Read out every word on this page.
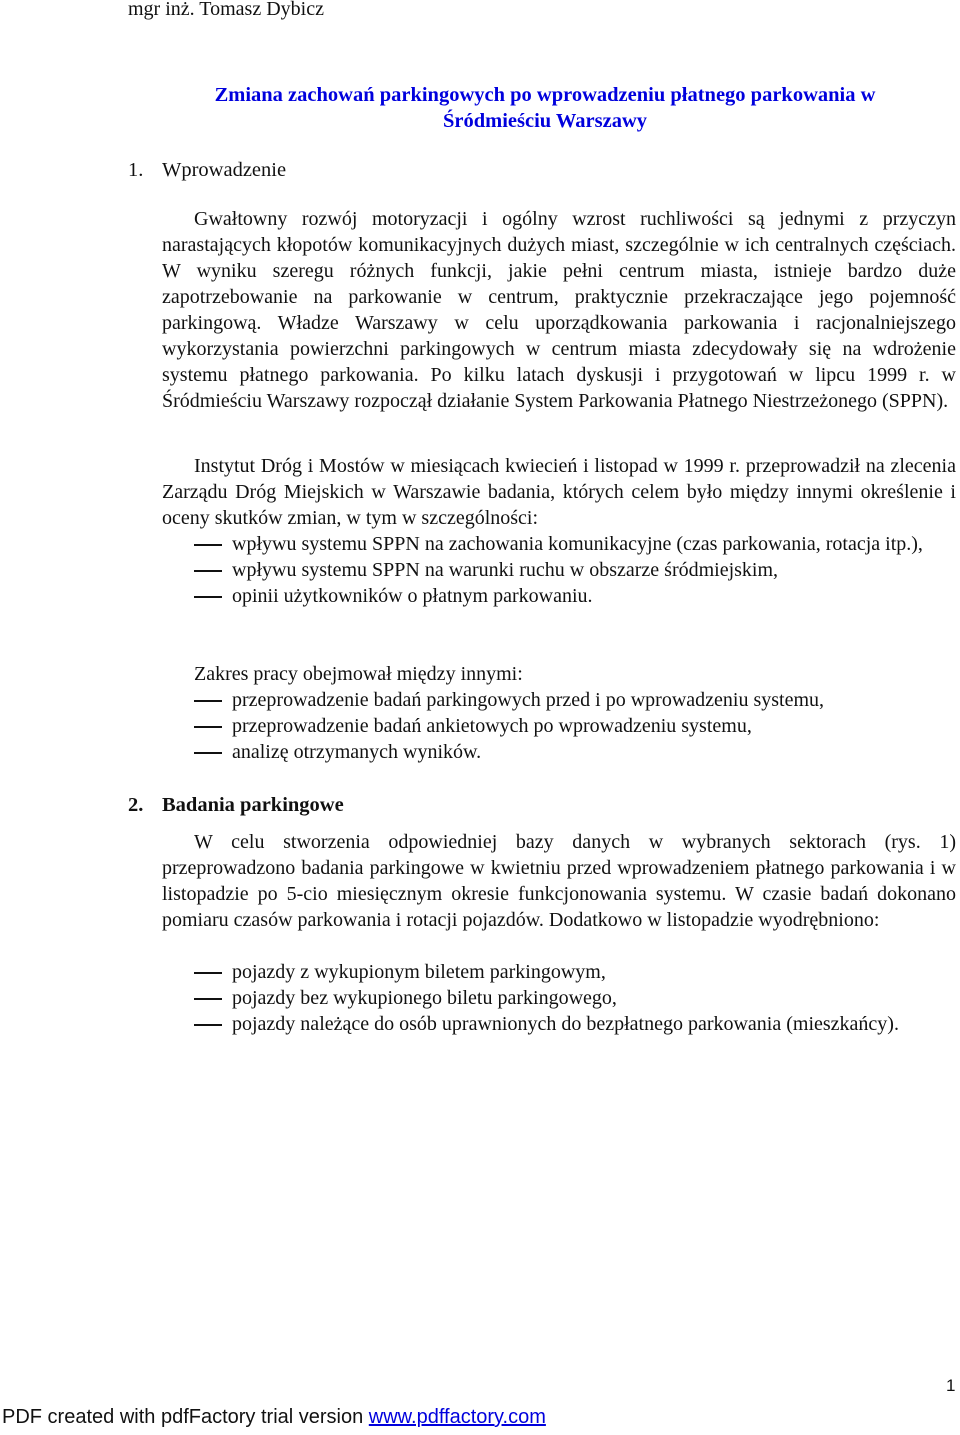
mgr inż. Tomasz Dybicz
Zmiana zachowań parkingowych po wprowadzeniu płatnego parkowania w
Śródmieściu Warszawy
1. Wprowadzenie

Gwałtowny rozwój motoryzacji i ogólny wzrost ruchliwości są jednymi z przyczyn narastających kłopotów komunikacyjnych dużych miast, szczególnie w ich centralnych częściach. W wyniku szeregu różnych funkcji, jakie pełni centrum miasta, istnieje bardzo duże zapotrzebowanie na parkowanie w centrum, praktycznie przekraczające jego pojemność parkingową. Władze Warszawy w celu uporządkowania parkowania i racjonalniejszego wykorzystania powierzchni parkingowych w centrum miasta zdecydowały się na wdrożenie systemu płatnego parkowania. Po kilku latach dyskusji i przygotowań w lipcu 1999 r. w Śródmieściu Warszawy rozpoczął działanie System Parkowania Płatnego Niestrzeżonego (SPPN).

Instytut Dróg i Mostów w miesiącach kwiecień i listopad w 1999 r. przeprowadził na zlecenia Zarządu Dróg Miejskich w Warszawie badania, których celem było między innymi określenie i oceny skutków zmian, w tym w szczególności:

wpływu systemu SPPN na zachowania komunikacyjne (czas parkowania, rotacja itp.),
wpływu systemu SPPN na warunki ruchu w obszarze śródmiejskim,
opinii użytkowników o płatnym parkowaniu.

Zakres pracy obejmował między innymi:

przeprowadzenie badań parkingowych przed i po wprowadzeniu systemu,
przeprowadzenie badań ankietowych po wprowadzeniu systemu,
analizę otrzymanych wyników.
2. Badania parkingowe

W celu stworzenia odpowiedniej bazy danych w wybranych sektorach (rys. 1) przeprowadzono badania parkingowe w kwietniu przed wprowadzeniem płatnego parkowania i w listopadzie po 5-cio miesięcznym okresie funkcjonowania systemu. W czasie badań dokonano pomiaru czasów parkowania i rotacji pojazdów. Dodatkowo w listopadzie wyodrębniono:

pojazdy z wykupionym biletem parkingowym,
pojazdy bez wykupionego biletu parkingowego,
pojazdy należące do osób uprawnionych do bezpłatnego parkowania (mieszkańcy).
1
PDF created with pdfFactory trial version www.pdffactory.com
